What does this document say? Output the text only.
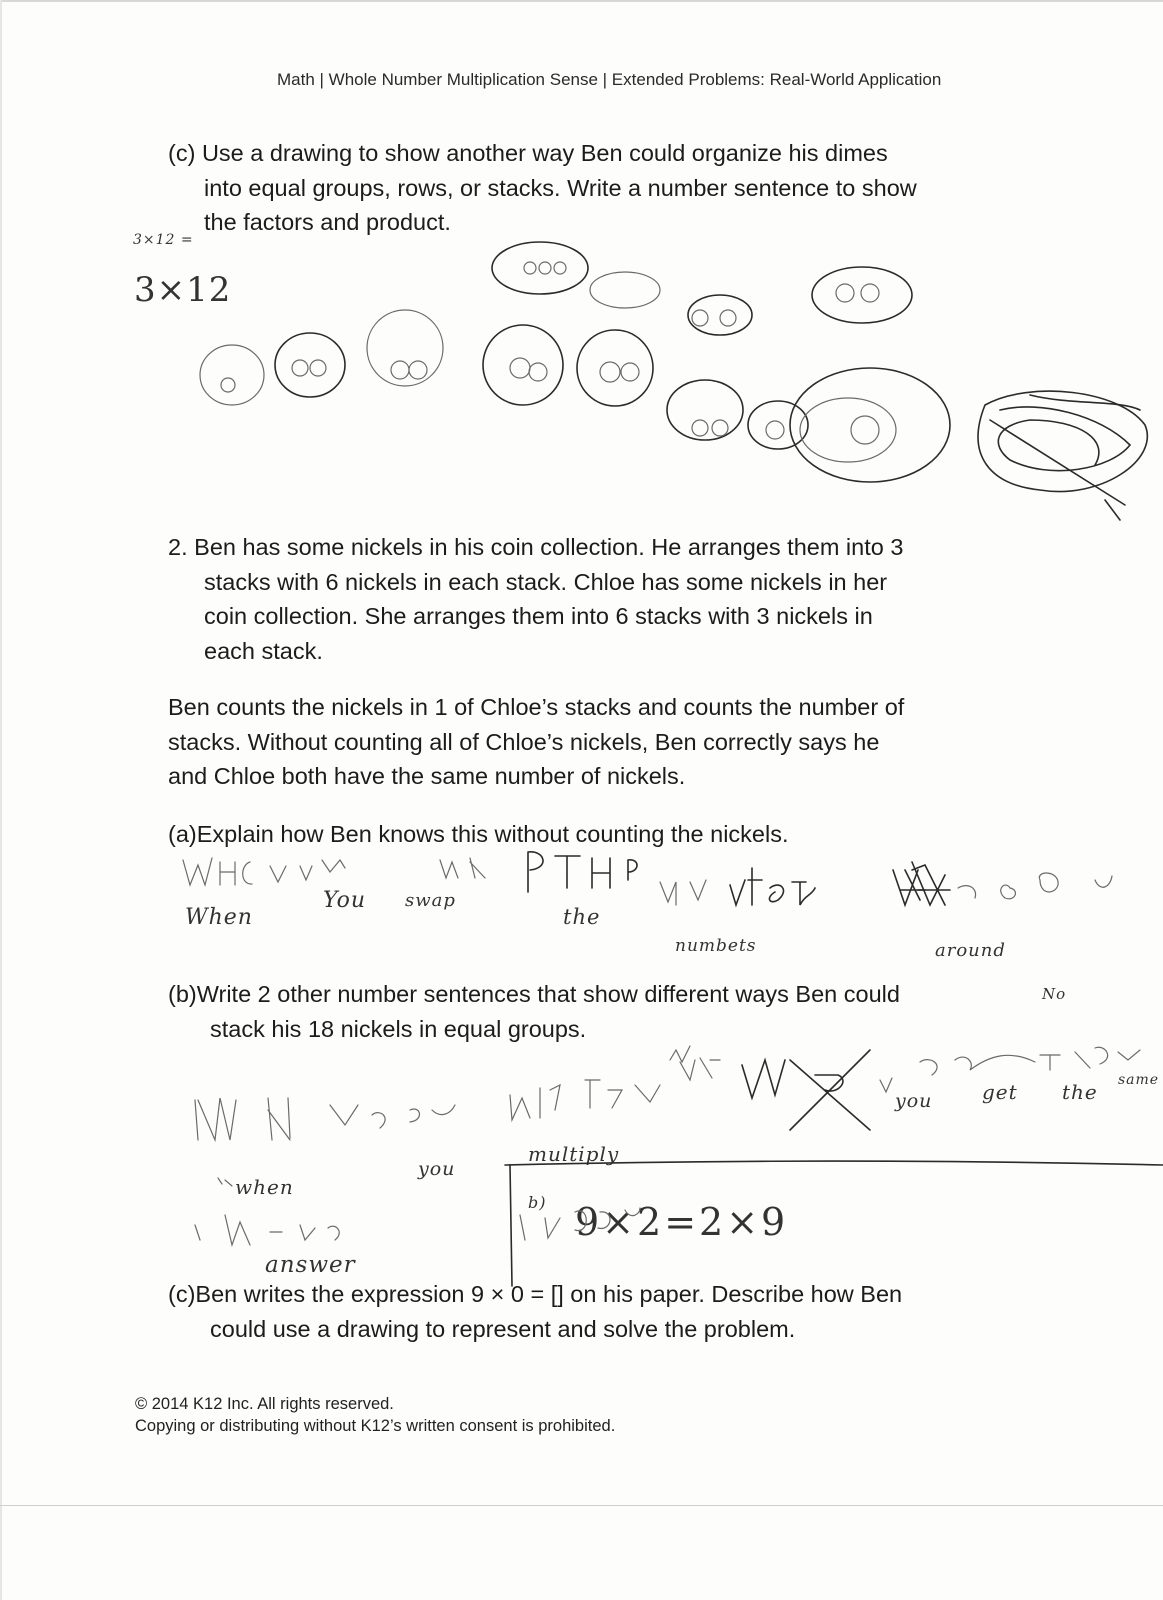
Math | Whole Number Multiplication Sense | Extended Problems: Real-World Application
(c) Use a drawing to show another way Ben could organize his dimes
into equal groups, rows, or stacks. Write a number sentence to show
the factors and product.
2. Ben has some nickels in his coin collection. He arranges them into 3
stacks with 6 nickels in each stack. Chloe has some nickels in her
coin collection. She arranges them into 6 stacks with 3 nickels in
each stack.
Ben counts the nickels in 1 of Chloe’s stacks and counts the number of
stacks. Without counting all of Chloe’s nickels, Ben correctly says he
and Chloe both have the same number of nickels.
(a)Explain how Ben knows this without counting the nickels.
(b)Write 2 other number sentences that show different ways Ben could
stack his 18 nickels in equal groups.
(c)Ben writes the expression 9 × 0 = [] on his paper. Describe how Ben
could use a drawing to represent and solve the problem.
3×12 =
3×12
When
You swap
the
numbets	around
No
when
you
multiply
you get the same
answer
b) 9×2=2×9
© 2014 K12 Inc. All rights reserved.
Copying or distributing without K12’s written consent is prohibited.
